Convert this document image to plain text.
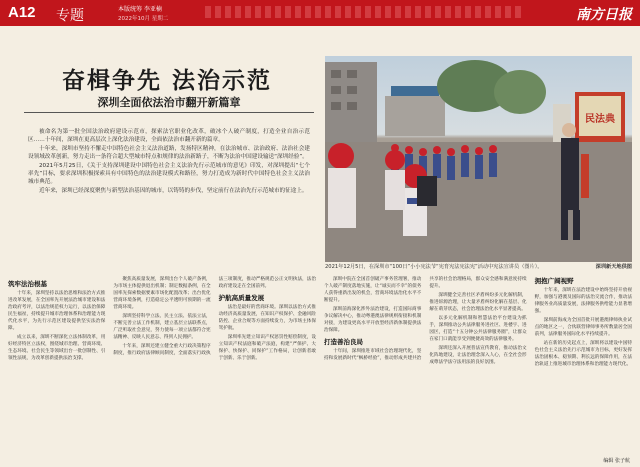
A12 专题	本版统筹 李亚楠
2022年10月 星期二	南方日报
奋楫争先 法治示范
深圳全面依法治市翻开新篇章

被命名为第一批全国法治政府建设示范市，探索法官职业化改革，破冰个人破产制度，打造全业自治示范区……十年间，深圳在更高层次上深化法治建设，全面依法治市翻开新的篇章。

十年来，深圳市坚持不懈走中国特色社会主义法治道路，发扬特区精神，在法治城市、法治政府、法治社会建设领域改革创新，努力走出一条符合超大型城市特点和规律的法治新路子，不断为法治中国建设输送“深圳经验”。

2021年5月25日，《关于支持深圳建设中国特色社会主义法治先行示范城市的意见》印发，对深圳提出“七个率先”目标，要求深圳积极探索具有中国特色的法治建设模式和路径，努力打造成为新时代中国特色社会主义法治城市典范。

近年来，深圳已经深度聚焦与新型法治基因的城市，以铸铸的步伐，坚定前行在法治先行示范城市的征途上。

民法典
2021年12月5日，在深圳市“100日”小小宪法节“宪育宪法宪法宪”活动中宪法宣讲员（图片）。	深圳新天地供图
筑牢法治根基

十年来，深圳坚持以法治思维和法治方式推进改革发展，在全国率先开展法治城市建设和法治政府考评，以法治规范权力运行，以法治保障民生福祉，持续提升城市治理体系和治理能力现代化水平，为先行示范区建设提供坚实法治保障。

成立以来，深圳不断深化立法体制改革，用好经济特区立法权，围绕城市治理、营商环境、生态环境、社会民生等领域出台一批创制性、引领性法规，为改革创新提供法治支撑。

聚焦高质量发展，深圳出台个人破产条例，为市场主体提供退出机制；制定数据条例，在全国率先探索数据要素市场化配置改革；出台优化营商环境条例，打造稳定公平透明可预期的一流营商环境。

深圳坚持科学立法、民主立法、依法立法，不断完善立法工作机制，建立基层立法联系点，广泛听取社会意见，努力使每一项立法都符合宪法精神、反映人民意志、得到人民拥护。

十年来，深圳还建立健全重大行政决策程序制度，推行政府法律顾问制度，全面落实行政执法三项制度，推动严格规范公正文明执法，法治政府建设走在全国前列。

护航高质量发展

法治是最好的营商环境。深圳以法治方式推动经济高质量发展，在知识产权保护、金融风险防控、企业合规等方面持续发力，为市场主体保驾护航。

深圳率先建立知识产权惩罚性赔偿制度，设立知识产权法庭和破产法庭，构建“严保护、大保护、快保护、同保护”工作格局，让创新者敢于创新、乐于创新。

深圳中院在全国首创破产事务管理署，推动个人破产制度落地实施，让“诚实而不幸”的债务人获得重新出发的机会，营商环境法治化水平不断提升。

深圳前海深化涉外法治建设，打造国际商事争议解决中心，推动粤港澳法律规则衔接和机制对接，为建设更高水平开放型经济新体制提供法治保障。

打造善治良局

十年间，深圳推进市域社会治理现代化，坚持和发展新时代“枫桥经验”，推动形成共建共治共享的社会治理格局，群众安全感和满意度持续提升。

深圳健全完善社区矛盾纠纷多元化解机制，推进诉源治理，让大量矛盾纠纷化解在基层、化解在萌芽状态，社会治理法治化水平显著提高。

以多元化解机制和智慧法治平台建设为抓手，深圳推动公共法律服务进社区、进楼宇、进园区，打造“十五分钟公共法律服务圈”，让群众在家门口就能享受到便捷高效的法律服务。

深圳还深入开展普法宣传教育，推动法治文化阵地建设，让法治理念深入人心，在全社会形成尊法学法守法用法的良好氛围。

拥抱广阔视野

十年来，深圳在法治建设中始终坚持开放视野，加强与港澳及国际的法治交流合作，推动法律服务业高质量发展，法律服务供给能力显著增强。

深圳前海成为全国首批开展港澳律师执业试点的地区之一，合伙联营律师事务所数量居全国前列，法律服务国际化水平持续提升。

站在新的历史起点上，深圳将以建设中国特色社会主义法治先行示范城市为目标，更好发挥法治固根本、稳预期、利长远的保障作用，在法治轨道上推进城市治理体系和治理能力现代化。

编辑 张子航
